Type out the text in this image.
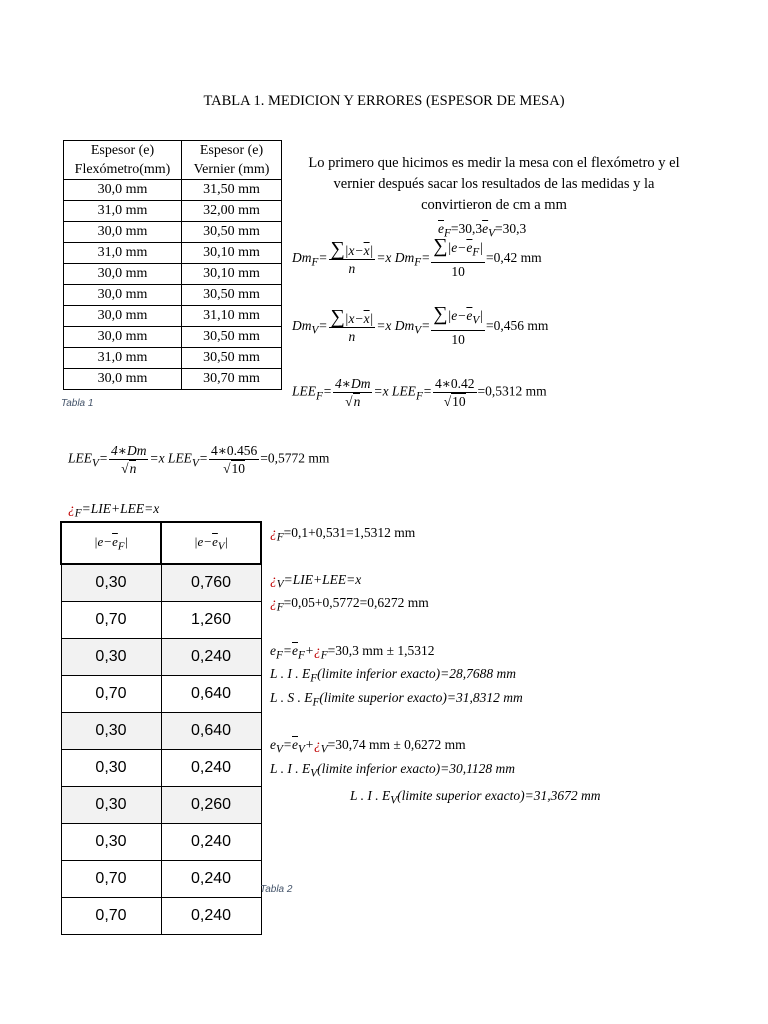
TABLA 1. MEDICION Y ERRORES (ESPESOR DE MESA)
Espesor (e) Flexómetro(mm)	Espesor (e) Vernier (mm)
30,0 mm	31,50 mm
31,0 mm	32,00 mm
30,0 mm	30,50 mm
31,0 mm	30,10 mm
30,0 mm	30,10 mm
30,0 mm	30,50 mm
30,0 mm	31,10 mm
30,0 mm	30,50 mm
31,0 mm	30,50 mm
30,0 mm	30,70 mm
Tabla 1
Lo primero que hicimos es medir la mesa con el flexómetro y el vernier después sacar los resultados de las medidas y la convirtieron de cm a mm
$\overline{e}_F=30,3\overline{e}_V=30,3$
$Dm_F= \frac{\sum|x-\overline{x}|}{n} =x$ $Dm_F= \frac{\sum|e-\overline{e}_F|}{10} =0,42$ mm
$Dm_V= \frac{\sum|x-\overline{x}|}{n} =x$ $Dm_V= \frac{\sum|e-\overline{e}_V|}{10} =0,456$ mm
$LEE_F= \frac{4∗Dm}{√n} =x$ $LEE_F= \frac{4∗0.42}{√10} =0,5312$ mm
$LEE_V= \frac{4∗Dm}{√n} =x$ $LEE_V= \frac{4∗0.456}{√10} =0,5772$ mm
¿$_F=LIE+LEE=x$
$|e-\overline{e}_F|$	$|e-\overline{e}_V|$
0,30	0,760
0,70	1,260
0,30	0,240
0,70	0,640
0,30	0,640
0,30	0,240
0,30	0,260
0,30	0,240
0,70	0,240
0,70	0,240
Tabla 2
¿$_F=0,1+0,531=1,5312$ mm
¿$_V=LIE+LEE=x$
¿$_F=0,05+0,5772=0,6272$ mm
$e_F=\overline{e}_F+¿_F=30,3$ mm ± 1,5312
L . I . $E_F(limite$ inferior exacto)=28,7688 mm
L . S . $E_F(limite$ superior exacto)=31,8312 mm
$e_V=\overline{e}_V+¿_V=30,74$ mm ± 0,6272 mm
L . I . $E_V(limite$ inferior exacto)=30,1128 mm
L . I . $E_V(limite$ superior exacto)=31,3672 mm
